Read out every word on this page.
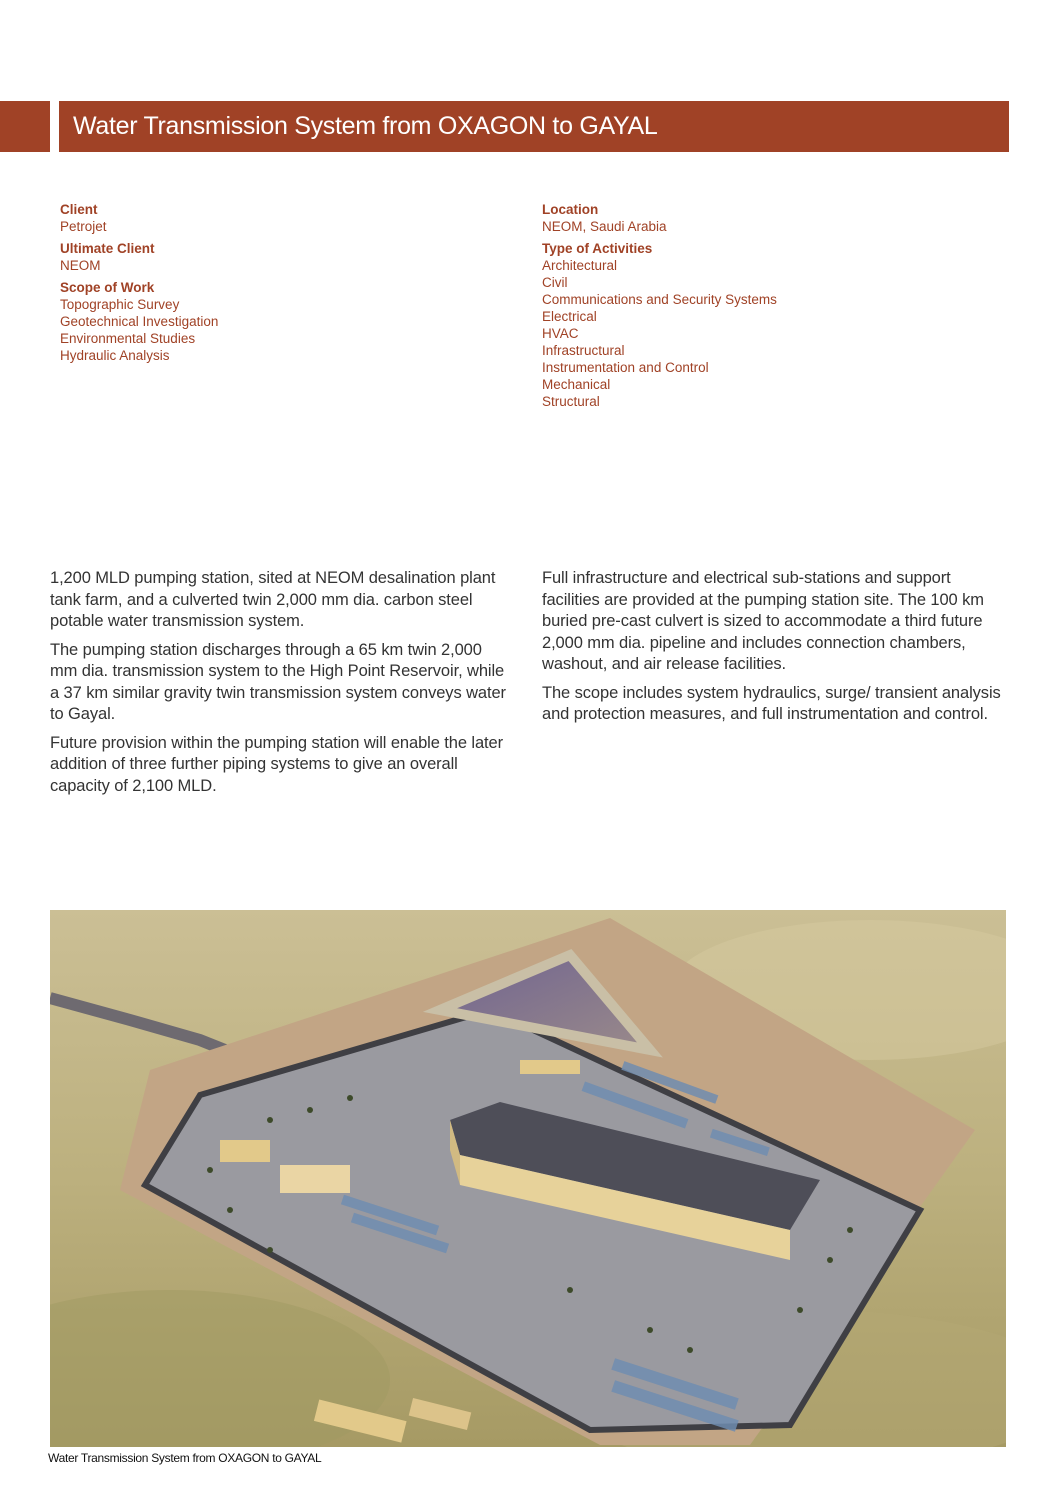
Water Transmission System from OXAGON to GAYAL
Client
Petrojet
Ultimate Client
NEOM
Scope of Work
Topographic Survey
Geotechnical Investigation
Environmental Studies
Hydraulic Analysis
Location
NEOM, Saudi Arabia
Type of Activities
Architectural
Civil
Communications and Security Systems
Electrical
HVAC
Infrastructural
Instrumentation and Control
Mechanical
Structural

1,200 MLD pumping station, sited at NEOM desalination plant tank farm, and a culverted twin 2,000 mm dia. carbon steel potable water transmission system.

The pumping station discharges through a 65 km twin 2,000 mm dia. transmission system to the High Point Reservoir, while a 37 km similar gravity twin transmission system conveys water to Gayal.

Future provision within the pumping station will enable the later addition of three further piping systems to give an overall capacity of 2,100 MLD.

Full infrastructure and electrical sub-stations and support facilities are provided at the pumping station site. The 100 km buried pre-cast culvert is sized to accommodate a third future 2,000 mm dia. pipeline and includes connection chambers, washout, and air release facilities.

The scope includes system hydraulics, surge/ transient analysis and protection measures, and full instrumentation and control.

Water Transmission System from OXAGON to GAYAL
